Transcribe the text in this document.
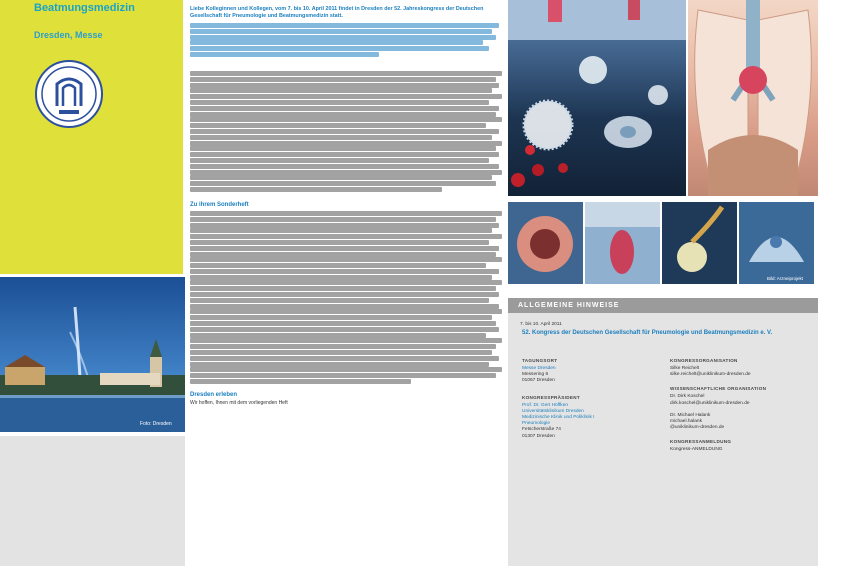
Beatmungsmedizin
Dresden, Messe
Foto: Dresden
Liebe Kolleginnen und Kollegen, vom 7. bis 10. April 2011 findet in Dresden der 52. Jahreskongress der Deutschen Gesellschaft für Pneumologie und Beatmungsmedizin statt.
Zu ihrem Sonderheft
Dresden erleben
Wir hoffen, Ihnen mit dem vorliegenden Heft
Bild: Arzneiprojekt
ALLGEMEINE HINWEISE
7. bis 10. April 2011
52. Kongress der Deutschen Gesellschaft für Pneumologie und Beatmungsmedizin e. V.
TAGUNGSORT
Messe Dresden
Messering 6
01067 Dresden
KONGRESSPRÄSIDENT
Prof. Dr. Gert Höffken
Universitätsklinikum Dresden
Medizinische Klinik und Poliklinik I
Pneumologie
Fetscherstraße 74
01307 Dresden
KONGRESSORGANISATION
Silke Reichelt
silke.reichelt@uniklinikum-dresden.de
WISSENSCHAFTLICHE ORGANISATION
Dr. Dirk Koschel
dirk.koschel@uniklinikum-dresden.de
Dr. Michael Halank
michael.halank
@uniklinikum-dresden.de
KONGRESSANMELDUNG
Kongress-ANMELDUNG
